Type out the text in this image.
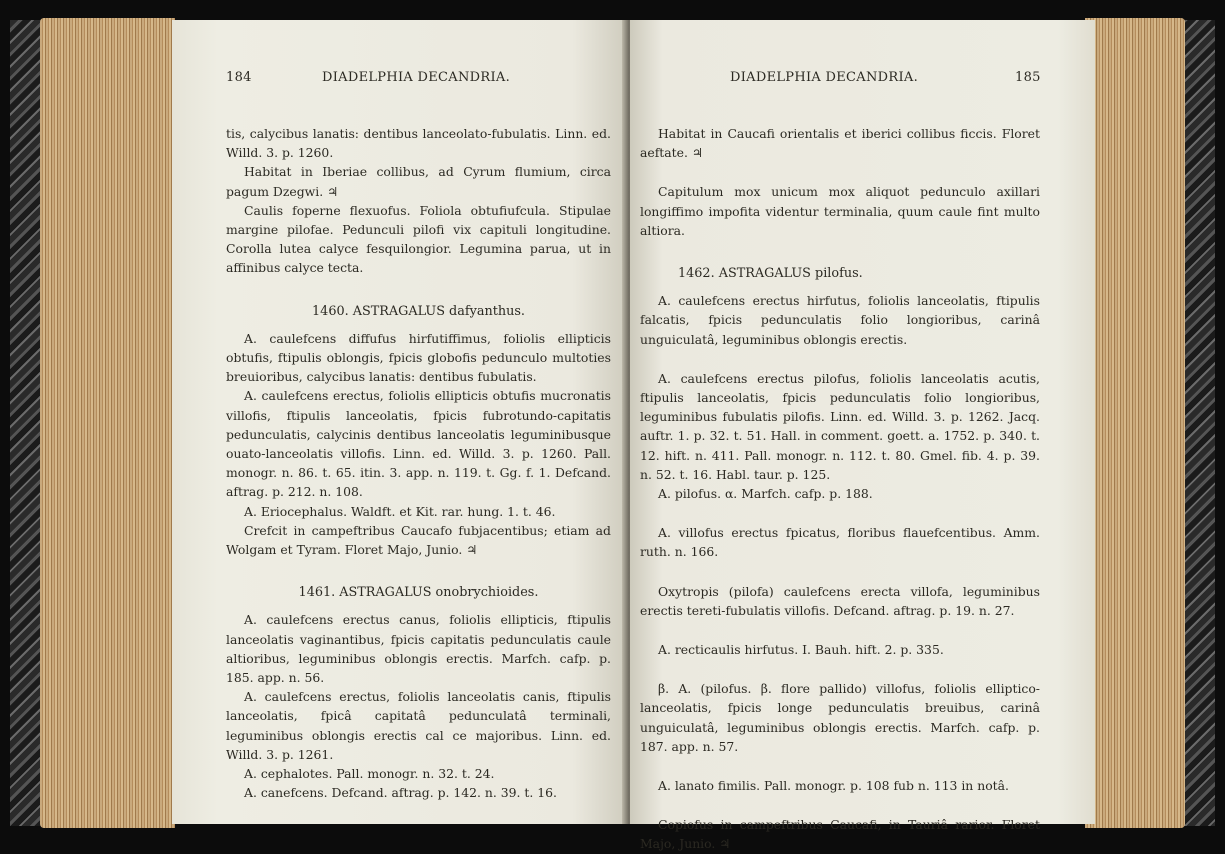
184	DIADELPHIA DECANDRIA.

tis, calycibus lanatis: dentibus lanceolato-fubulatis. Linn. ed. Willd. 3. p. 1260.

Habitat in Iberiae collibus, ad Cyrum flumium, circa pagum Dzegwi. ♃

Caulis foperne flexuofus. Foliola obtufiufcula. Stipulae margine pilofae. Pedunculi pilofi vix capituli longitudine. Corolla lutea calyce fesquilongior. Legumina parua, ut in affinibus calyce tecta.

1460. ASTRAGALUS dafyanthus.

A. caulefcens diffufus hirfutiffimus, foliolis ellipticis obtufis, ftipulis oblongis, fpicis globofis pedunculo multoties breuioribus, calycibus lanatis: dentibus fubulatis.

A. caulefcens erectus, foliolis ellipticis obtufis mucronatis villofis, ftipulis lanceolatis, fpicis fubrotundo-capitatis pedunculatis, calycinis dentibus lanceolatis leguminibusque ouato-lanceolatis villofis. Linn. ed. Willd. 3. p. 1260. Pall. monogr. n. 86. t. 65. itin. 3. app. n. 119. t. Gg. f. 1. Defcand. aftrag. p. 212. n. 108.

A. Eriocephalus. Waldft. et Kit. rar. hung. 1. t. 46.

Crefcit in campeftribus Caucafo fubjacentibus; etiam ad Wolgam et Tyram. Floret Majo, Junio. ♃

1461. ASTRAGALUS onobrychioides.

A. caulefcens erectus canus, foliolis ellipticis, ftipulis lanceolatis vaginantibus, fpicis capitatis pedunculatis caule altioribus, leguminibus oblongis erectis. Marfch. cafp. p. 185. app. n. 56.

A. caulefcens erectus, foliolis lanceolatis canis, ftipulis lanceolatis, fpicâ capitatâ pedunculatâ terminali, leguminibus oblongis erectis cal ce majoribus. Linn. ed. Willd. 3. p. 1261.

A. cephalotes. Pall. monogr. n. 32. t. 24.

A. canefcens. Defcand. aftrag. p. 142. n. 39. t. 16.

DIADELPHIA DECANDRIA.	185

Habitat in Caucafi orientalis et iberici collibus ficcis. Floret aeftate. ♃

Capitulum mox unicum mox aliquot pedunculo axillari longiffimo impofita videntur terminalia, quum caule fint multo altiora.

1462. ASTRAGALUS pilofus.

A. caulefcens erectus hirfutus, foliolis lanceolatis, ftipulis falcatis, fpicis pedunculatis folio longioribus, carinâ unguiculatâ, leguminibus oblongis erectis.

A. caulefcens erectus pilofus, foliolis lanceolatis acutis, ftipulis lanceolatis, fpicis pedunculatis folio longioribus, leguminibus fubulatis pilofis. Linn. ed. Willd. 3. p. 1262. Jacq. auftr. 1. p. 32. t. 51. Hall. in comment. goett. a. 1752. p. 340. t. 12. hift. n. 411. Pall. monogr. n. 112. t. 80. Gmel. fib. 4. p. 39. n. 52. t. 16. Habl. taur. p. 125.

A. pilofus. α. Marfch. cafp. p. 188.

A. villofus erectus fpicatus, floribus flauefcentibus. Amm. ruth. n. 166.

Oxytropis (pilofa) caulefcens erecta villofa, leguminibus erectis tereti-fubulatis villofis. Defcand. aftrag. p. 19. n. 27.

A. recticaulis hirfutus. I. Bauh. hift. 2. p. 335.

β. A. (pilofus. β. flore pallido) villofus, foliolis elliptico-lanceolatis, fpicis longe pedunculatis breuibus, carinâ unguiculatâ, leguminibus oblongis erectis. Marfch. cafp. p. 187. app. n. 57.

A. lanato fimilis. Pall. monogr. p. 108 fub n. 113 in notâ.

Copiofus in campeftribus Caucafi, in Tauriâ rarior. Floret Majo, Junio. ♃
